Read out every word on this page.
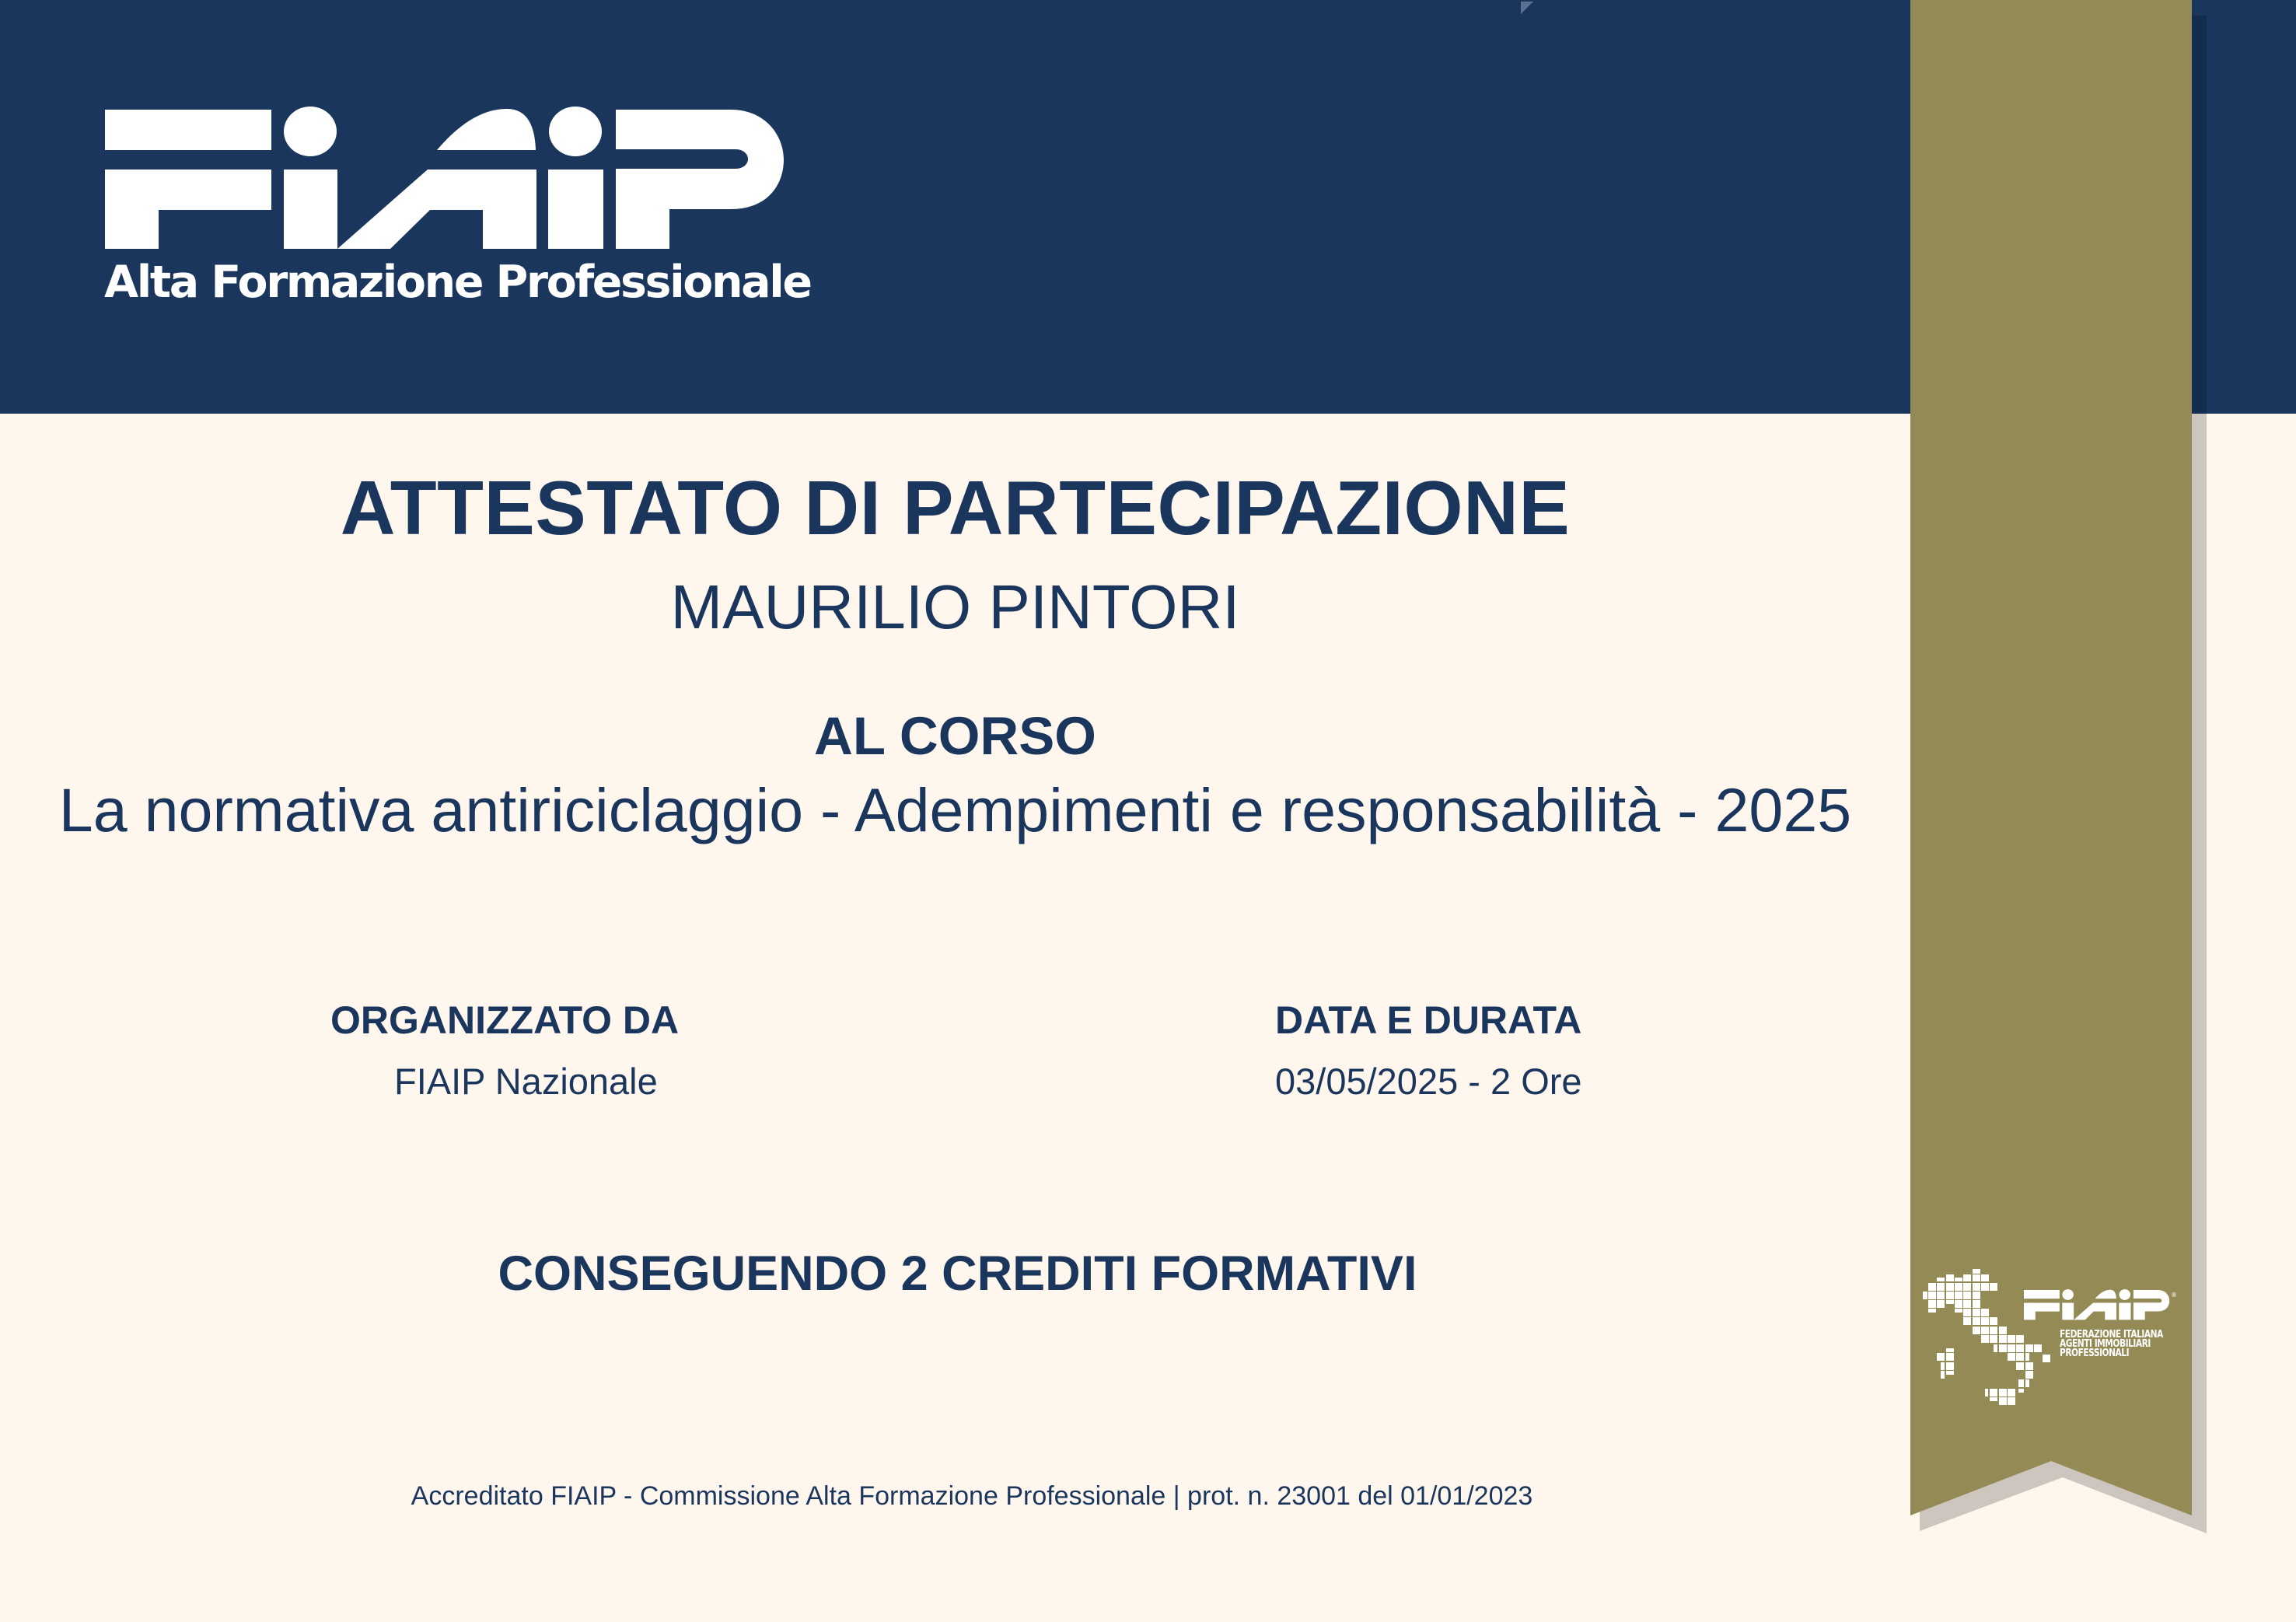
Alta Formazione Professionale
®
FEDERAZIONE ITALIANA
AGENTI IMMOBILIARI
PROFESSIONALI
ATTESTATO DI PARTECIPAZIONE
MAURILIO PINTORI
AL CORSO
La normativa antiriciclaggio - Adempimenti e responsabilità - 2025
ORGANIZZATO DA
FIAIP Nazionale
DATA E DURATA
03/05/2025 - 2 Ore
CONSEGUENDO 2 CREDITI FORMATIVI
Accreditato FIAIP - Commissione Alta Formazione Professionale | prot. n. 23001 del 01/01/2023
